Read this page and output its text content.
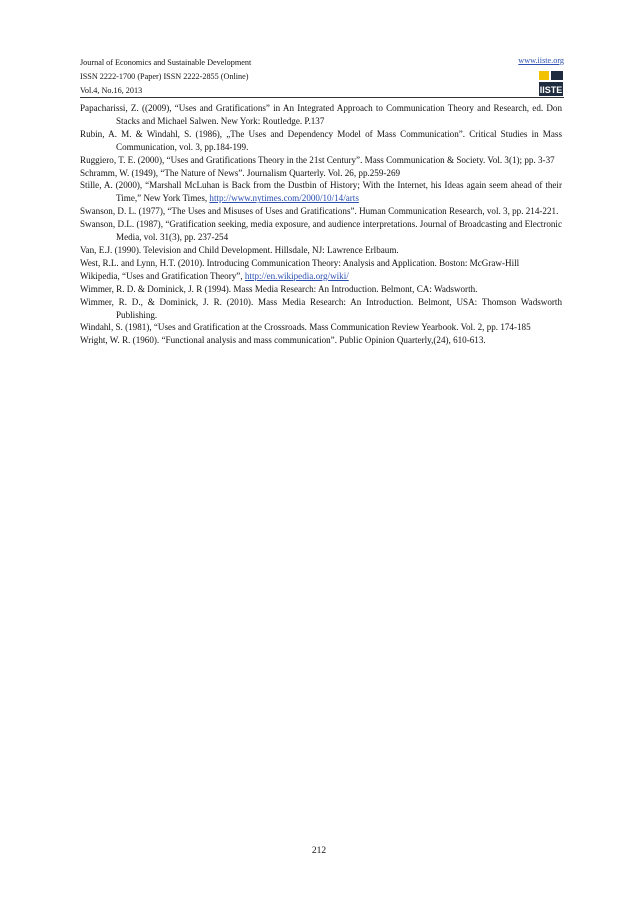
Journal of Economics and Sustainable Development
ISSN 2222-1700 (Paper) ISSN 2222-2855 (Online)
Vol.4, No.16, 2013
www.iiste.org
IISTE
Papacharissi, Z. ((2009), “Uses and Gratifications” in An Integrated Approach to Communication Theory and Research, ed. Don Stacks and Michael Salwen. New York: Routledge. P.137
Rubin, A. M. & Windahl, S. (1986), „The Uses and Dependency Model of Mass Communication”. Critical Studies in Mass Communication, vol. 3, pp.184-199.
Ruggiero, T. E. (2000), “Uses and Gratifications Theory in the 21st Century”. Mass Communication & Society. Vol. 3(1); pp. 3-37
Schramm, W. (1949), “The Nature of News”. Journalism Quarterly. Vol. 26, pp.259-269
Stille, A. (2000), “Marshall McLuhan is Back from the Dustbin of History; With the Internet, his Ideas again seem ahead of their Time,” New York Times, http://www.nytimes.com/2000/10/14/arts
Swanson, D. L. (1977), “The Uses and Misuses of Uses and Gratifications”. Human Communication Research, vol. 3, pp. 214-221.
Swanson, D.L. (1987), “Gratification seeking, media exposure, and audience interpretations. Journal of Broadcasting and Electronic Media, vol. 31(3), pp. 237-254
Van, E.J. (1990). Television and Child Development. Hillsdale, NJ: Lawrence Erlbaum.
West, R.L. and Lynn, H.T. (2010). Introducing Communication Theory: Analysis and Application. Boston: McGraw-Hill
Wikipedia, “Uses and Gratification Theory”, http://en.wikipedia.org/wiki/
Wimmer, R. D. & Dominick, J. R (1994). Mass Media Research: An Introduction. Belmont, CA: Wadsworth.
Wimmer, R. D., & Dominick, J. R. (2010). Mass Media Research: An Introduction. Belmont, USA: Thomson Wadsworth Publishing.
Windahl, S. (1981), “Uses and Gratification at the Crossroads. Mass Communication Review Yearbook. Vol. 2, pp. 174-185
Wright, W. R. (1960). “Functional analysis and mass communication”. Public Opinion Quarterly,(24), 610-613.
212
